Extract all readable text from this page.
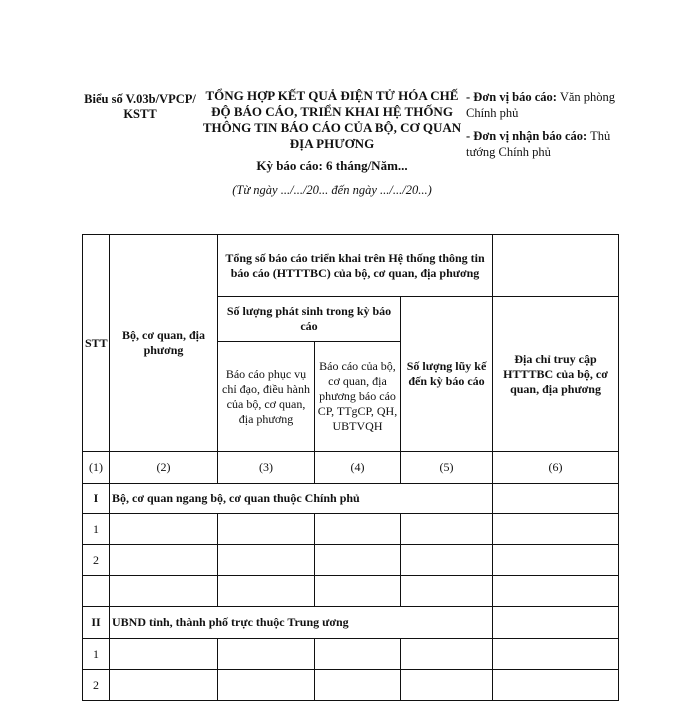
Biểu số V.03b/VPCP/KSTT
TỔNG HỢP KẾT QUẢ ĐIỆN TỬ HÓA CHẾ ĐỘ BÁO CÁO, TRIỂN KHAI HỆ THỐNG THÔNG TIN BÁO CÁO CỦA BỘ, CƠ QUAN ĐỊA PHƯƠNG
Kỳ báo cáo: 6 tháng/Năm...
(Từ ngày .../.../20... đến ngày .../.../20...)
- Đơn vị báo cáo: Văn phòng Chính phủ
- Đơn vị nhận báo cáo: Thủ tướng Chính phủ
STT	Bộ, cơ quan, địa phương	Tổng số báo cáo triển khai trên Hệ thống thông tin báo cáo (HTTTBC) của bộ, cơ quan, địa phương			
		Số lượng phát sinh trong kỳ báo cáo		Số lượng lũy kế đến kỳ báo cáo	Địa chỉ truy cập HTTTBC của bộ, cơ quan, địa phương
		Báo cáo phục vụ chỉ đạo, điều hành của bộ, cơ quan, địa phương	Báo cáo của bộ, cơ quan, địa phương báo cáo CP, TTgCP, QH, UBTVQH		
(1)	(2)	(3)	(4)	(5)	(6)
I	Bộ, cơ quan ngang bộ, cơ quan thuộc Chính phủ				
1					
2					

II	UBND tỉnh, thành phố trực thuộc Trung ương				
1					
2					
